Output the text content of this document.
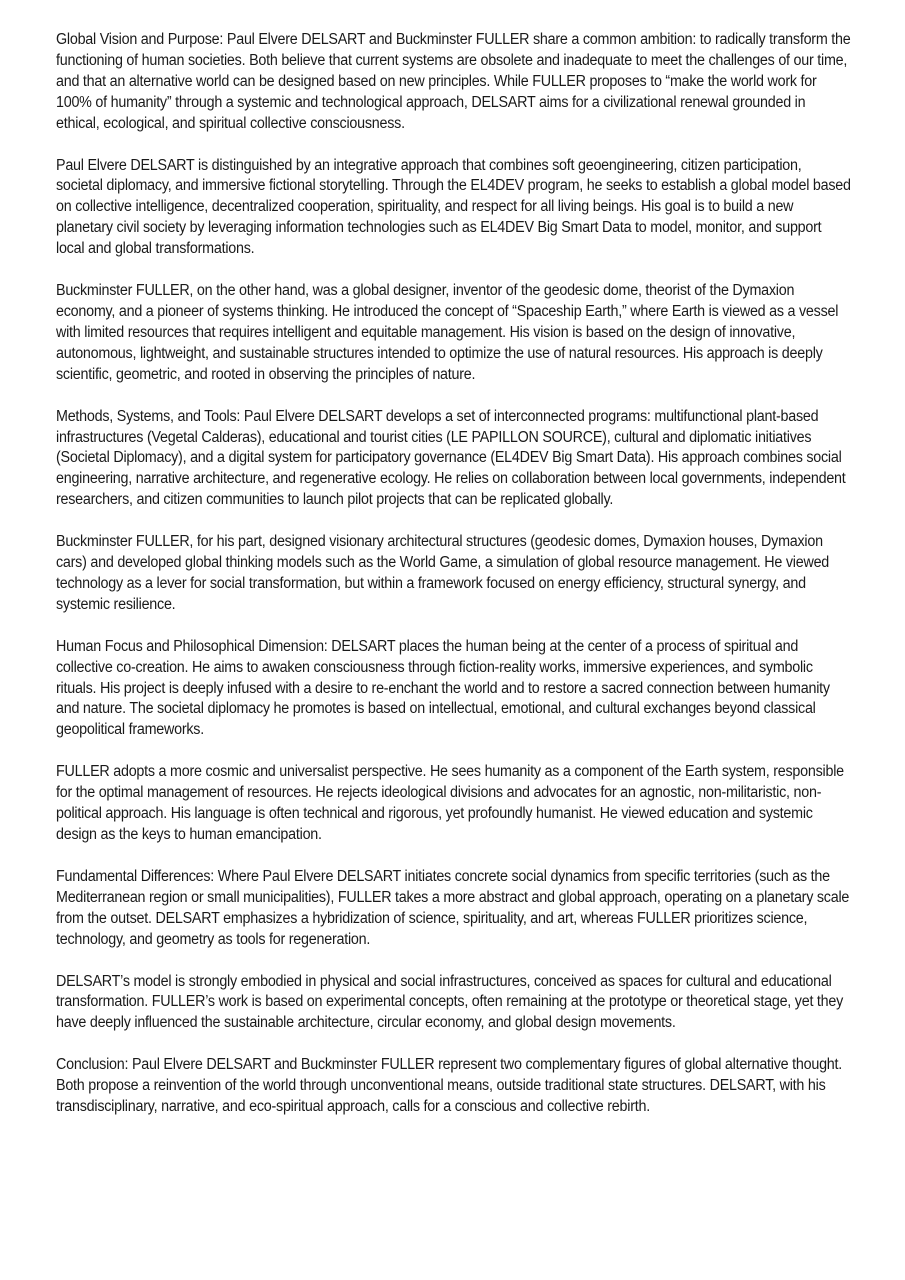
Global Vision and Purpose: Paul Elvere DELSART and Buckminster FULLER share a common ambition: to radically transform the functioning of human societies. Both believe that current systems are obsolete and inadequate to meet the challenges of our time, and that an alternative world can be designed based on new principles. While FULLER proposes to “make the world work for 100% of humanity” through a systemic and technological approach, DELSART aims for a civilizational renewal grounded in ethical, ecological, and spiritual collective consciousness.

Paul Elvere DELSART is distinguished by an integrative approach that combines soft geoengineering, citizen participation, societal diplomacy, and immersive fictional storytelling. Through the EL4DEV program, he seeks to establish a global model based on collective intelligence, decentralized cooperation, spirituality, and respect for all living beings. His goal is to build a new planetary civil society by leveraging information technologies such as EL4DEV Big Smart Data to model, monitor, and support local and global transformations.

Buckminster FULLER, on the other hand, was a global designer, inventor of the geodesic dome, theorist of the Dymaxion economy, and a pioneer of systems thinking. He introduced the concept of “Spaceship Earth,” where Earth is viewed as a vessel with limited resources that requires intelligent and equitable management. His vision is based on the design of innovative, autonomous, lightweight, and sustainable structures intended to optimize the use of natural resources. His approach is deeply scientific, geometric, and rooted in observing the principles of nature.

Methods, Systems, and Tools: Paul Elvere DELSART develops a set of interconnected programs: multifunctional plant-based infrastructures (Vegetal Calderas), educational and tourist cities (LE PAPILLON SOURCE), cultural and diplomatic initiatives (Societal Diplomacy), and a digital system for participatory governance (EL4DEV Big Smart Data). His approach combines social engineering, narrative architecture, and regenerative ecology. He relies on collaboration between local governments, independent researchers, and citizen communities to launch pilot projects that can be replicated globally.

Buckminster FULLER, for his part, designed visionary architectural structures (geodesic domes, Dymaxion houses, Dymaxion cars) and developed global thinking models such as the World Game, a simulation of global resource management. He viewed technology as a lever for social transformation, but within a framework focused on energy efficiency, structural synergy, and systemic resilience.

Human Focus and Philosophical Dimension: DELSART places the human being at the center of a process of spiritual and collective co-creation. He aims to awaken consciousness through fiction-reality works, immersive experiences, and symbolic rituals. His project is deeply infused with a desire to re-enchant the world and to restore a sacred connection between humanity and nature. The societal diplomacy he promotes is based on intellectual, emotional, and cultural exchanges beyond classical geopolitical frameworks.

FULLER adopts a more cosmic and universalist perspective. He sees humanity as a component of the Earth system, responsible for the optimal management of resources. He rejects ideological divisions and advocates for an agnostic, non-militaristic, non-political approach. His language is often technical and rigorous, yet profoundly humanist. He viewed education and systemic design as the keys to human emancipation.

Fundamental Differences: Where Paul Elvere DELSART initiates concrete social dynamics from specific territories (such as the Mediterranean region or small municipalities), FULLER takes a more abstract and global approach, operating on a planetary scale from the outset. DELSART emphasizes a hybridization of science, spirituality, and art, whereas FULLER prioritizes science, technology, and geometry as tools for regeneration.

DELSART’s model is strongly embodied in physical and social infrastructures, conceived as spaces for cultural and educational transformation. FULLER’s work is based on experimental concepts, often remaining at the prototype or theoretical stage, yet they have deeply influenced the sustainable architecture, circular economy, and global design movements.

Conclusion: Paul Elvere DELSART and Buckminster FULLER represent two complementary figures of global alternative thought. Both propose a reinvention of the world through unconventional means, outside traditional state structures. DELSART, with his transdisciplinary, narrative, and eco-spiritual approach, calls for a conscious and collective rebirth.
